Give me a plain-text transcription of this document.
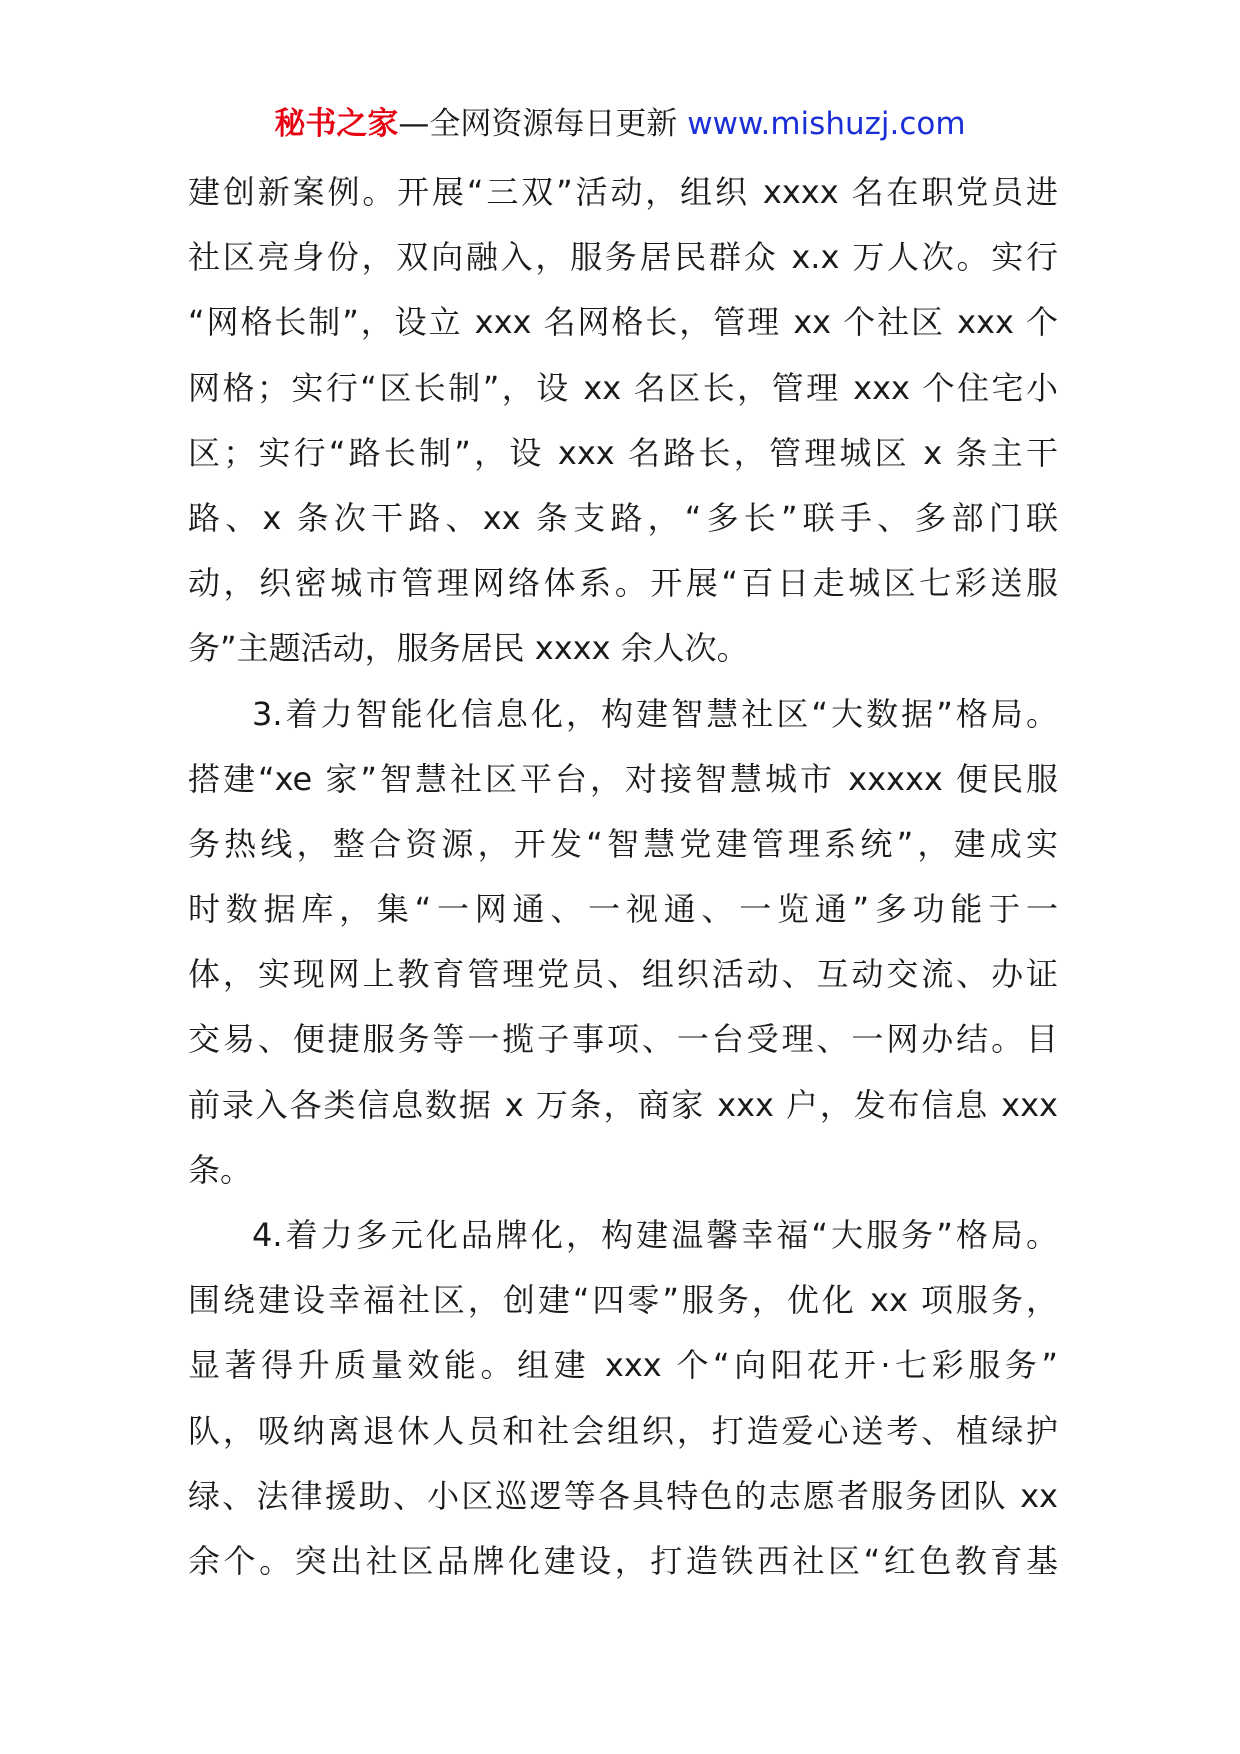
秘书之家—全网资源每日更新 www.mishuzj.com
建创新案例。开展“三双”活动，组织 xxxx 名在职党员进
社区亮身份，双向融入，服务居民群众 x.x 万人次。实行
“网格长制”，设立 xxx 名网格长，管理 xx 个社区 xxx 个
网格；实行“区长制”，设 xx 名区长，管理 xxx 个住宅小
区；实行“路长制”，设 xxx 名路长，管理城区 x 条主干
路、x 条次干路、xx 条支路，“多长”联手、多部门联
动，织密城市管理网络体系。开展“百日走城区七彩送服
务”主题活动，服务居民 xxxx 余人次。
3.着力智能化信息化，构建智慧社区“大数据”格局。
搭建“xe 家”智慧社区平台，对接智慧城市 xxxxx 便民服
务热线，整合资源，开发“智慧党建管理系统”，建成实
时数据库，集“一网通、一视通、一览通”多功能于一
体，实现网上教育管理党员、组织活动、互动交流、办证
交易、便捷服务等一揽子事项、一台受理、一网办结。目
前录入各类信息数据 x 万条，商家 xxx 户，发布信息 xxx
条。
4.着力多元化品牌化，构建温馨幸福“大服务”格局。
围绕建设幸福社区，创建“四零”服务，优化 xx 项服务，
显著得升质量效能。组建 xxx 个“向阳花开·七彩服务”
队，吸纳离退休人员和社会组织，打造爱心送考、植绿护
绿、法律援助、小区巡逻等各具特色的志愿者服务团队 xx
余个。突出社区品牌化建设，打造铁西社区“红色教育基
